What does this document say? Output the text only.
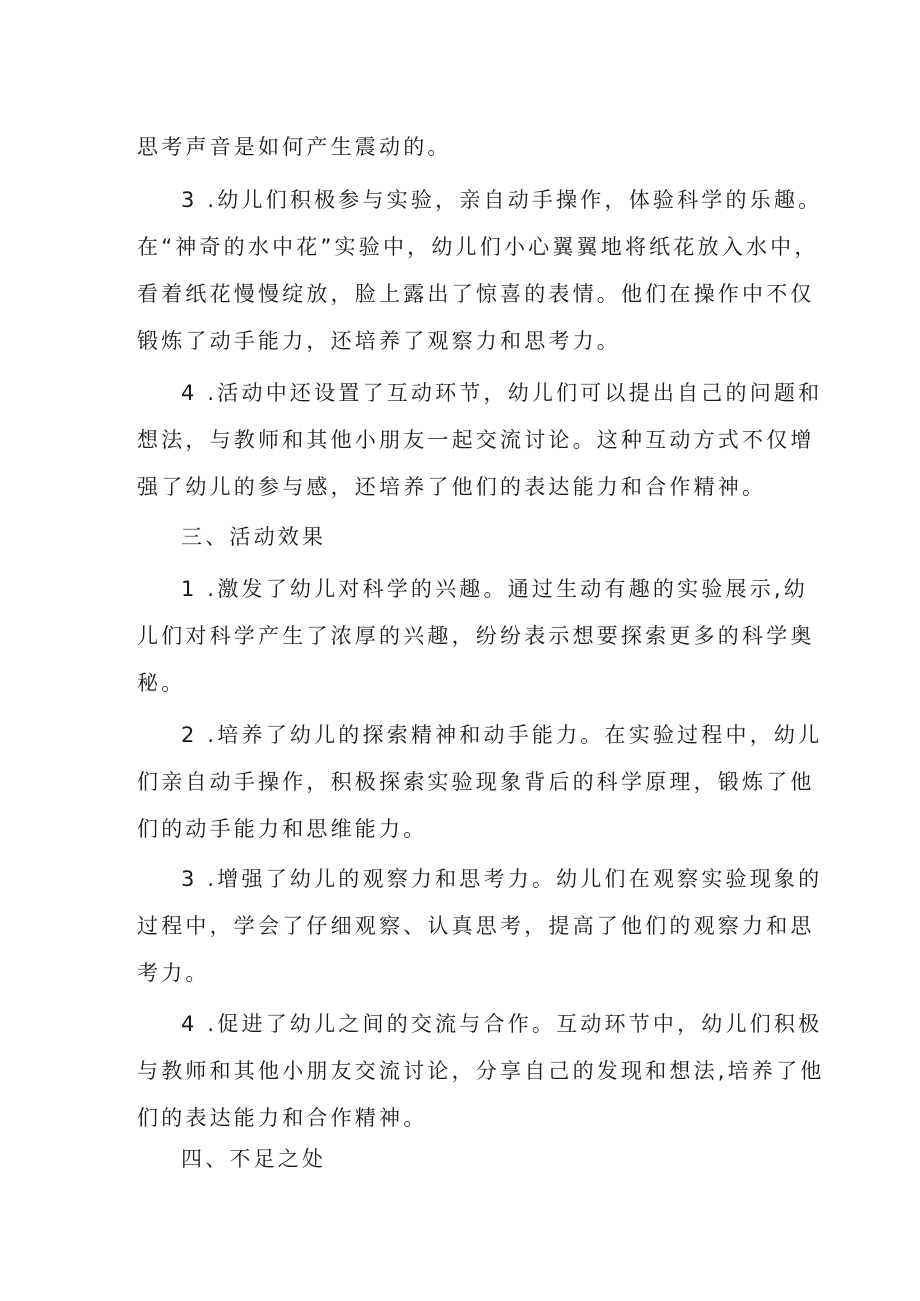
思考声音是如何产生震动的。

3 .幼儿们积极参与实验，亲自动手操作，体验科学的乐趣。
在“神奇的水中花”实验中，幼儿们小心翼翼地将纸花放入水中，
看着纸花慢慢绽放，脸上露出了惊喜的表情。他们在操作中不仅
锻炼了动手能力，还培养了观察力和思考力。

4 .活动中还设置了互动环节，幼儿们可以提出自己的问题和
想法，与教师和其他小朋友一起交流讨论。这种互动方式不仅增
强了幼儿的参与感，还培养了他们的表达能力和合作精神。

三、活动效果

1 .激发了幼儿对科学的兴趣。通过生动有趣的实验展示,幼
儿们对科学产生了浓厚的兴趣，纷纷表示想要探索更多的科学奥
秘。

2 .培养了幼儿的探索精神和动手能力。在实验过程中，幼儿
们亲自动手操作，积极探索实验现象背后的科学原理，锻炼了他
们的动手能力和思维能力。

3 .增强了幼儿的观察力和思考力。幼儿们在观察实验现象的
过程中，学会了仔细观察、认真思考，提高了他们的观察力和思
考力。

4 .促进了幼儿之间的交流与合作。互动环节中，幼儿们积极
与教师和其他小朋友交流讨论，分享自己的发现和想法,培养了他
们的表达能力和合作精神。

四、不足之处
